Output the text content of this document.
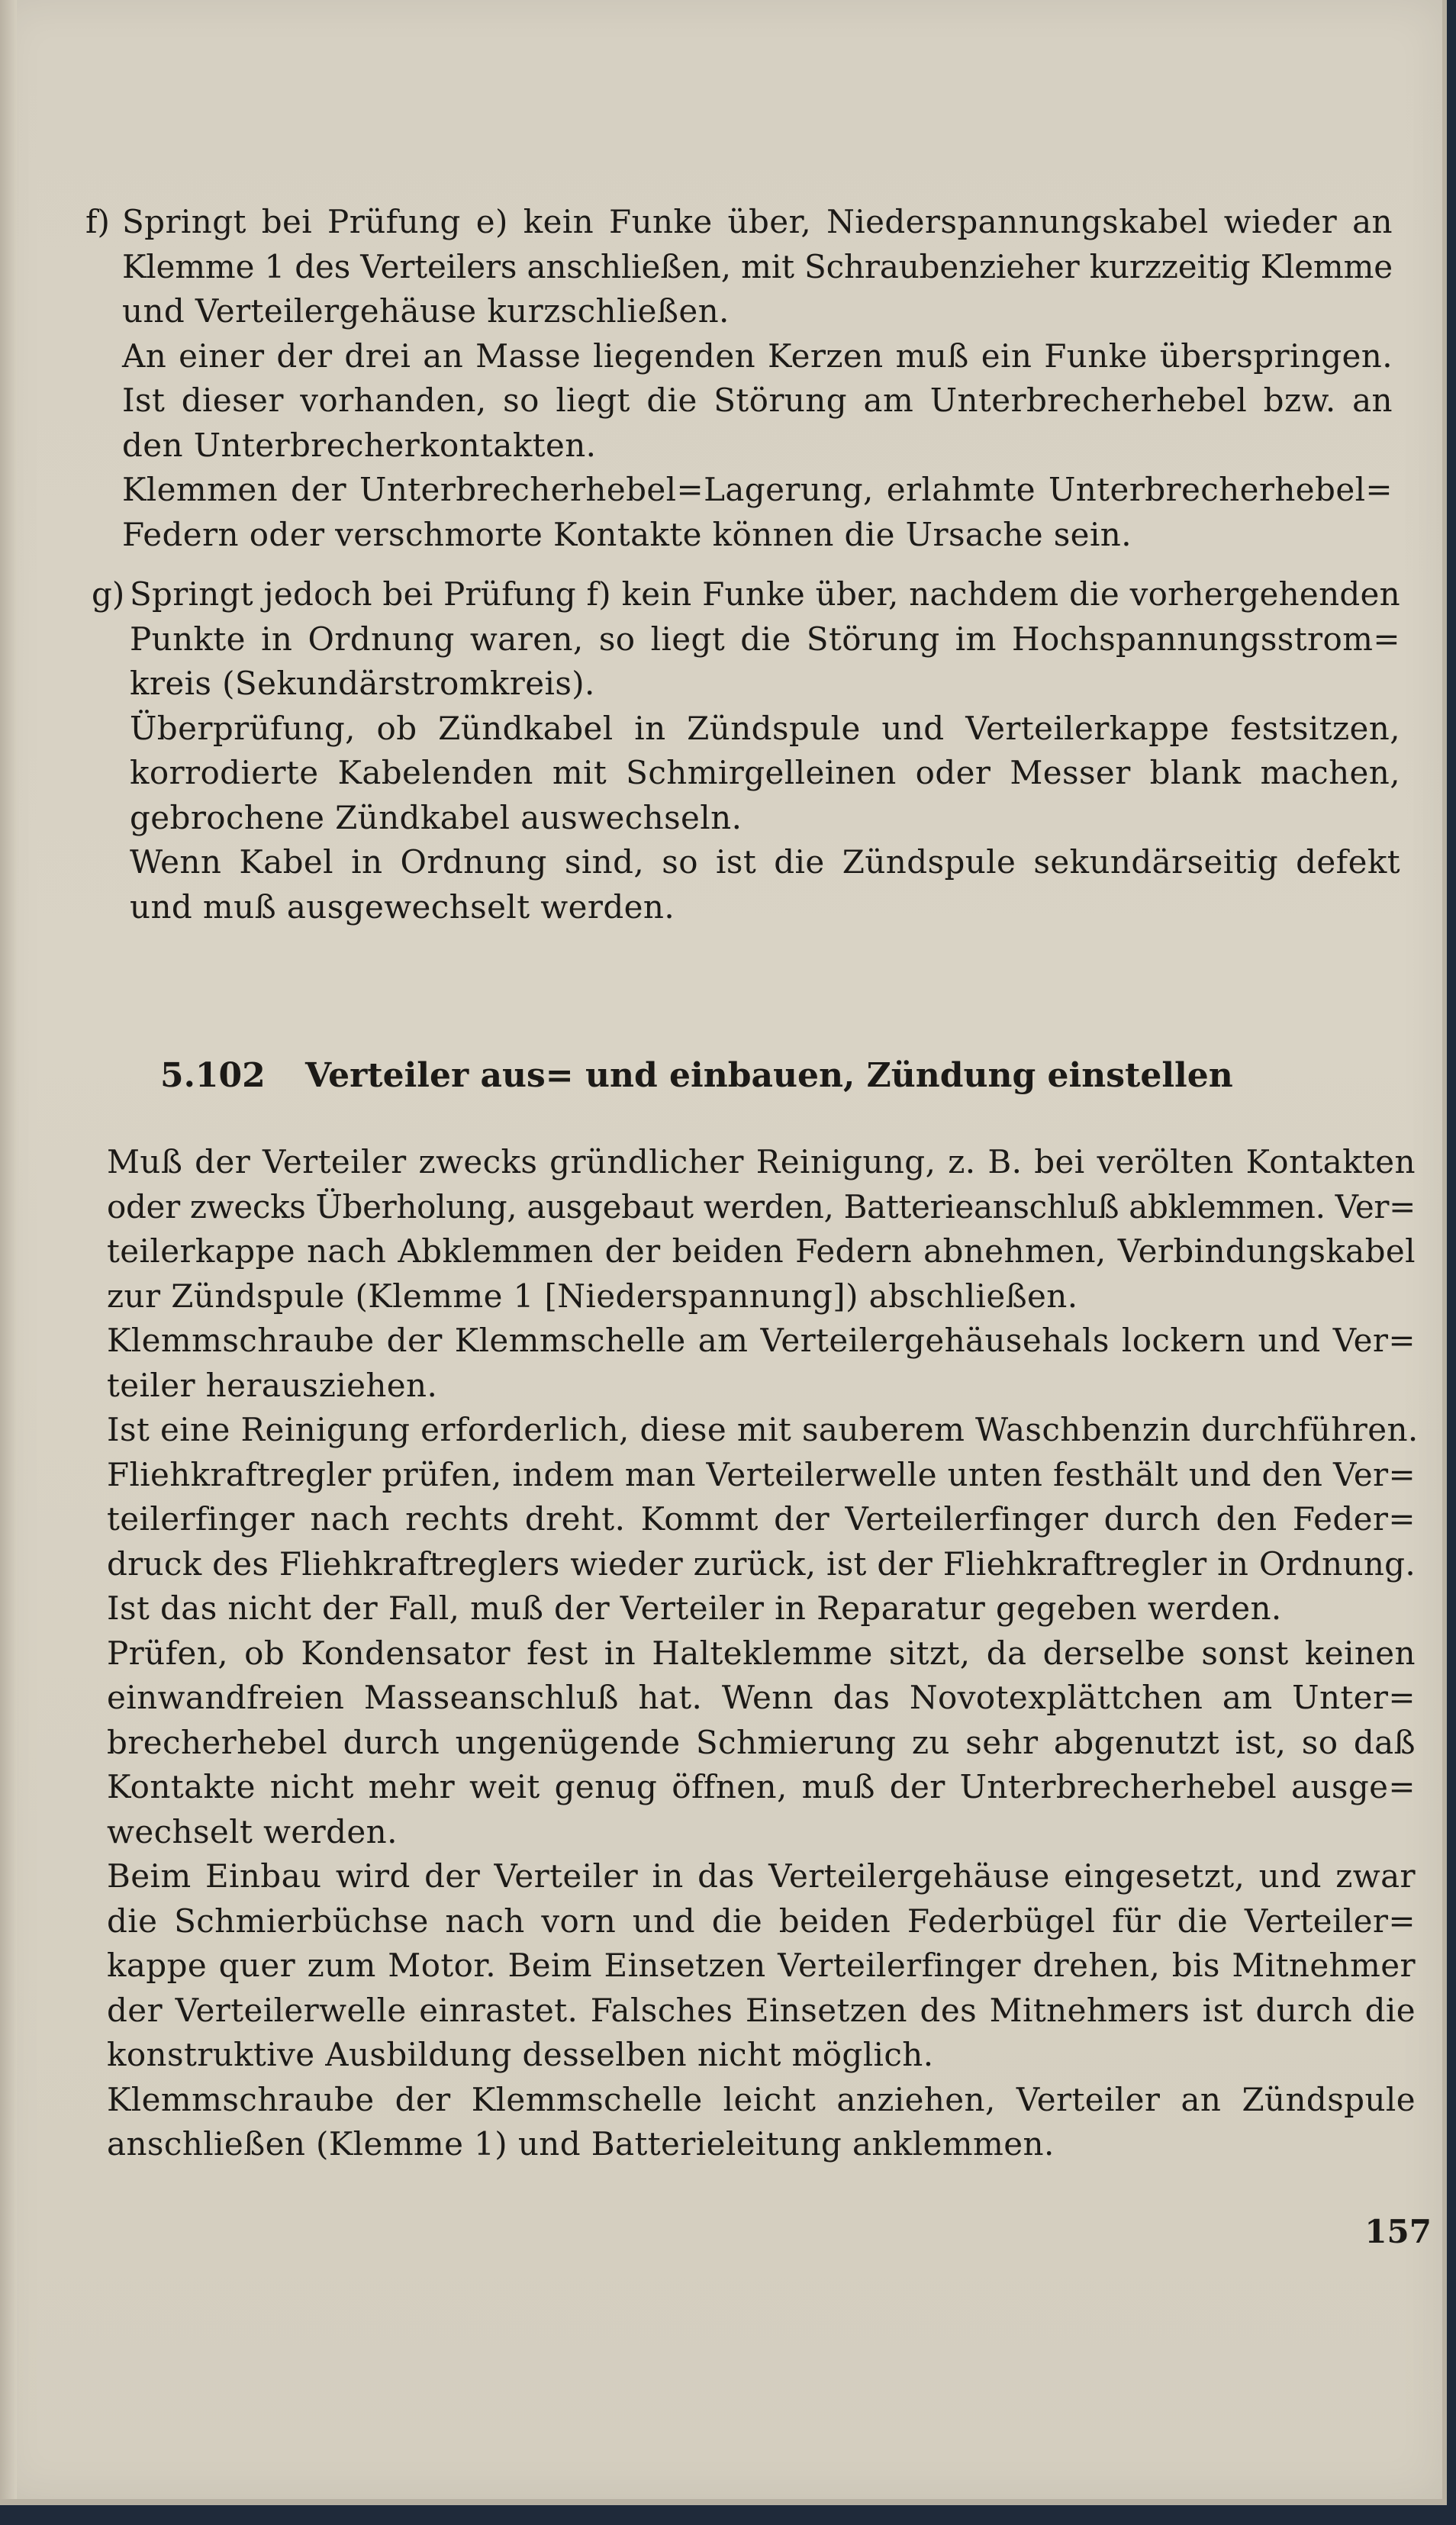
f) Springt bei Prüfung e) kein Funke über, Niederspannungskabel wieder an
Klemme 1 des Verteilers anschließen, mit Schraubenzieher kurzzeitig Klemme
und Verteilergehäuse kurzschließen.
An einer der drei an Masse liegenden Kerzen muß ein Funke überspringen.
Ist dieser vorhanden, so liegt die Störung am Unterbrecherhebel bzw. an
den Unterbrecherkontakten.
Klemmen der Unterbrecherhebel=Lagerung, erlahmte Unterbrecherhebel=
Federn oder verschmorte Kontakte können die Ursache sein.
g) Springt jedoch bei Prüfung f) kein Funke über, nachdem die vorhergehenden
Punkte in Ordnung waren, so liegt die Störung im Hochspannungsstrom=
kreis (Sekundärstromkreis).
Überprüfung, ob Zündkabel in Zündspule und Verteilerkappe festsitzen,
korrodierte Kabelenden mit Schmirgelleinen oder Messer blank machen,
gebrochene Zündkabel auswechseln.
Wenn Kabel in Ordnung sind, so ist die Zündspule sekundärseitig defekt
und muß ausgewechselt werden.
5.102 Verteiler aus= und einbauen, Zündung einstellen
Muß der Verteiler zwecks gründlicher Reinigung, z. B. bei verölten Kontakten
oder zwecks Überholung, ausgebaut werden, Batterieanschluß abklemmen. Ver=
teilerkappe nach Abklemmen der beiden Federn abnehmen, Verbindungskabel
zur Zündspule (Klemme 1 [Niederspannung]) abschließen.
Klemmschraube der Klemmschelle am Verteilergehäusehals lockern und Ver=
teiler herausziehen.
Ist eine Reinigung erforderlich, diese mit sauberem Waschbenzin durchführen.
Fliehkraftregler prüfen, indem man Verteilerwelle unten festhält und den Ver=
teilerfinger nach rechts dreht. Kommt der Verteilerfinger durch den Feder=
druck des Fliehkraftreglers wieder zurück, ist der Fliehkraftregler in Ordnung.
Ist das nicht der Fall, muß der Verteiler in Reparatur gegeben werden.
Prüfen, ob Kondensator fest in Halteklemme sitzt, da derselbe sonst keinen
einwandfreien Masseanschluß hat. Wenn das Novotexplättchen am Unter=
brecherhebel durch ungenügende Schmierung zu sehr abgenutzt ist, so daß
Kontakte nicht mehr weit genug öffnen, muß der Unterbrecherhebel ausge=
wechselt werden.
Beim Einbau wird der Verteiler in das Verteilergehäuse eingesetzt, und zwar
die Schmierbüchse nach vorn und die beiden Federbügel für die Verteiler=
kappe quer zum Motor. Beim Einsetzen Verteilerfinger drehen, bis Mitnehmer
der Verteilerwelle einrastet. Falsches Einsetzen des Mitnehmers ist durch die
konstruktive Ausbildung desselben nicht möglich.
Klemmschraube der Klemmschelle leicht anziehen, Verteiler an Zündspule
anschließen (Klemme 1) und Batterieleitung anklemmen.
157
